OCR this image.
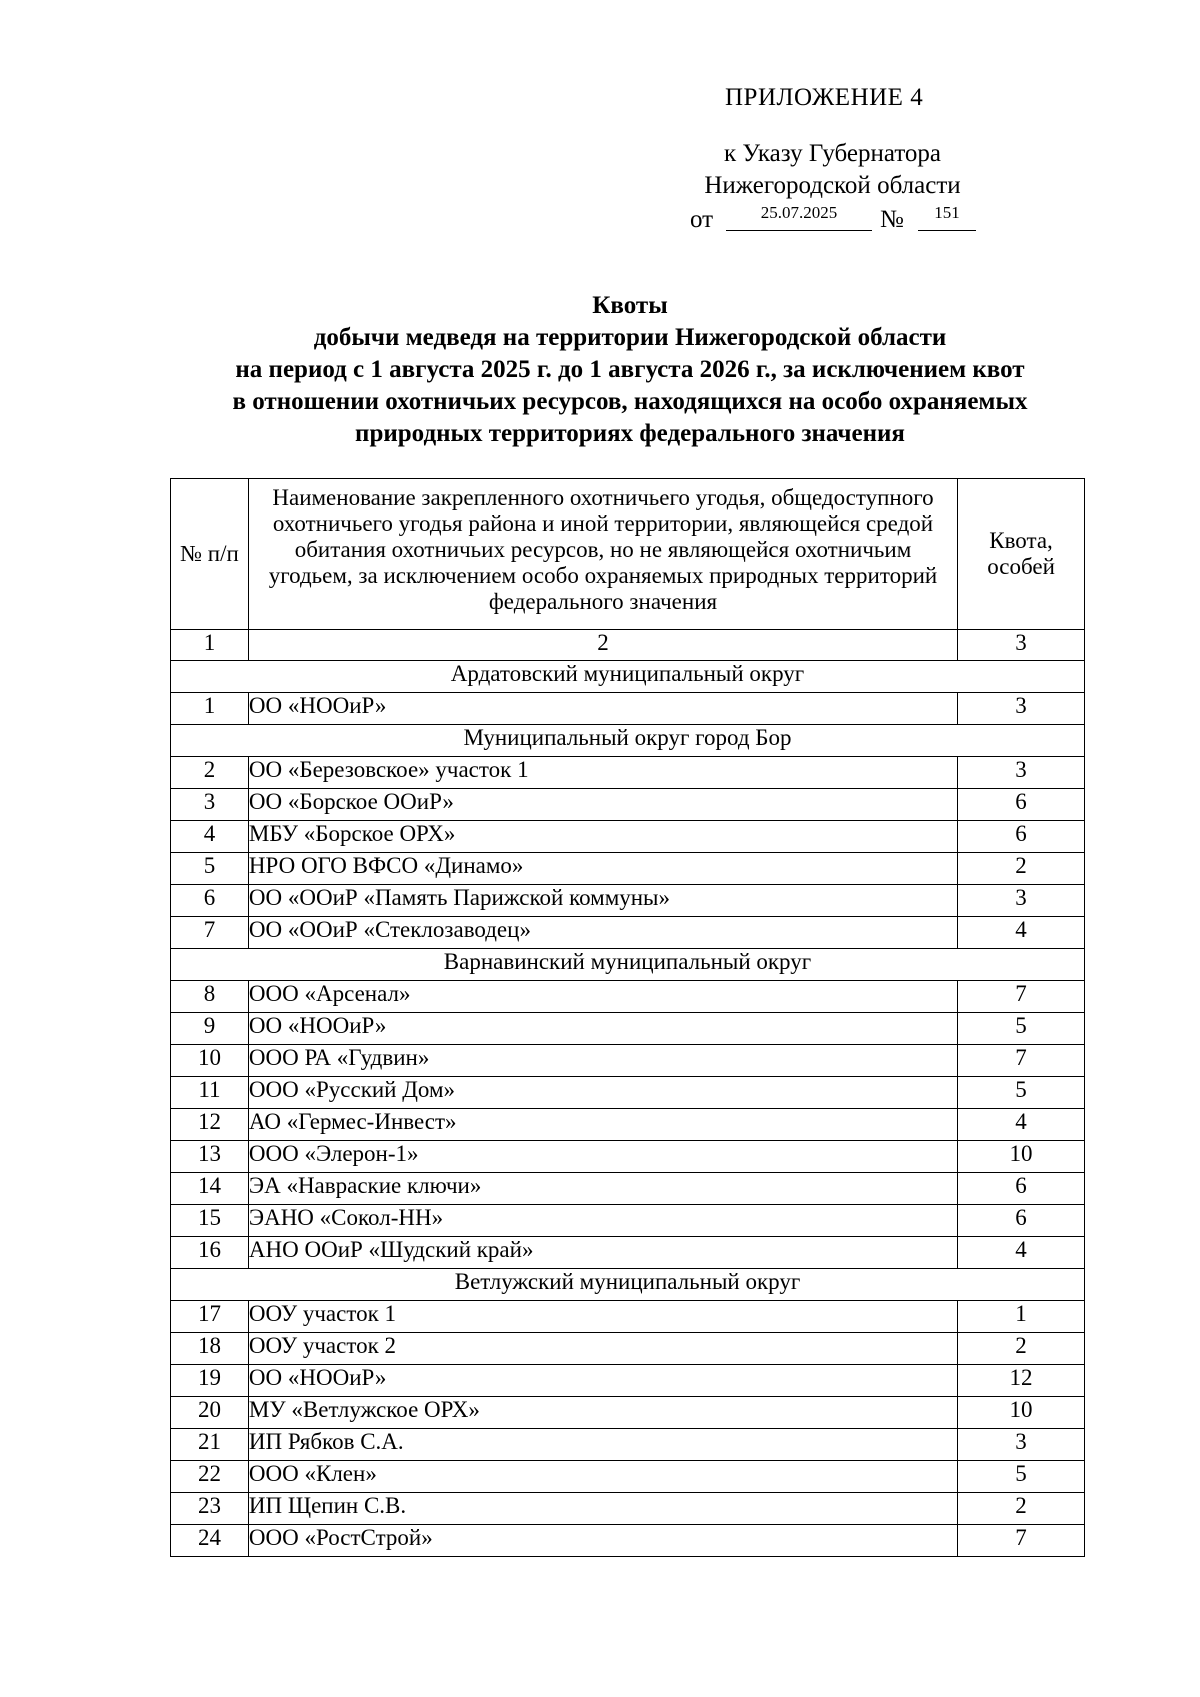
ПРИЛОЖЕНИЕ 4
к Указу Губернатора
Нижегородской области
от	25.07.2025	№	151
Квоты
добычи медведя на территории Нижегородской области
на период с 1 августа 2025 г. до 1 августа 2026 г., за исключением квот
в отношении охотничьих ресурсов, находящихся на особо охраняемых
природных территориях федерального значения
№ п/п	Наименование закрепленного охотничьего угодья, общедоступного охотничьего угодья района и иной территории, являющейся средой обитания охотничьих ресурсов, но не являющейся охотничьим угодьем, за исключением особо охраняемых природных территорий федерального значения	Квота, особей
1	2	3
Ардатовский муниципальный округ		
1	ОО «НООиР»	3
Муниципальный округ город Бор		
2	ОО «Березовское» участок 1	3
3	ОО «Борское ООиР»	6
4	МБУ «Борское ОРХ»	6
5	НРО ОГО ВФСО «Динамо»	2
6	ОО «ООиР «Память Парижской коммуны»	3
7	ОО «ООиР «Стеклозаводец»	4
Варнавинский муниципальный округ		
8	ООО «Арсенал»	7
9	ОО «НООиР»	5
10	ООО РА «Гудвин»	7
11	ООО «Русский Дом»	5
12	АО «Гермес-Инвест»	4
13	ООО «Элерон-1»	10
14	ЭА «Навраские ключи»	6
15	ЭАНО «Сокол-НН»	6
16	АНО ООиР «Шудский край»	4
Ветлужский муниципальный округ		
17	ООУ участок 1	1
18	ООУ участок 2	2
19	ОО «НООиР»	12
20	МУ «Ветлужское ОРХ»	10
21	ИП Рябков С.А.	3
22	ООО «Клен»	5
23	ИП Щепин С.В.	2
24	ООО «РостСтрой»	7
